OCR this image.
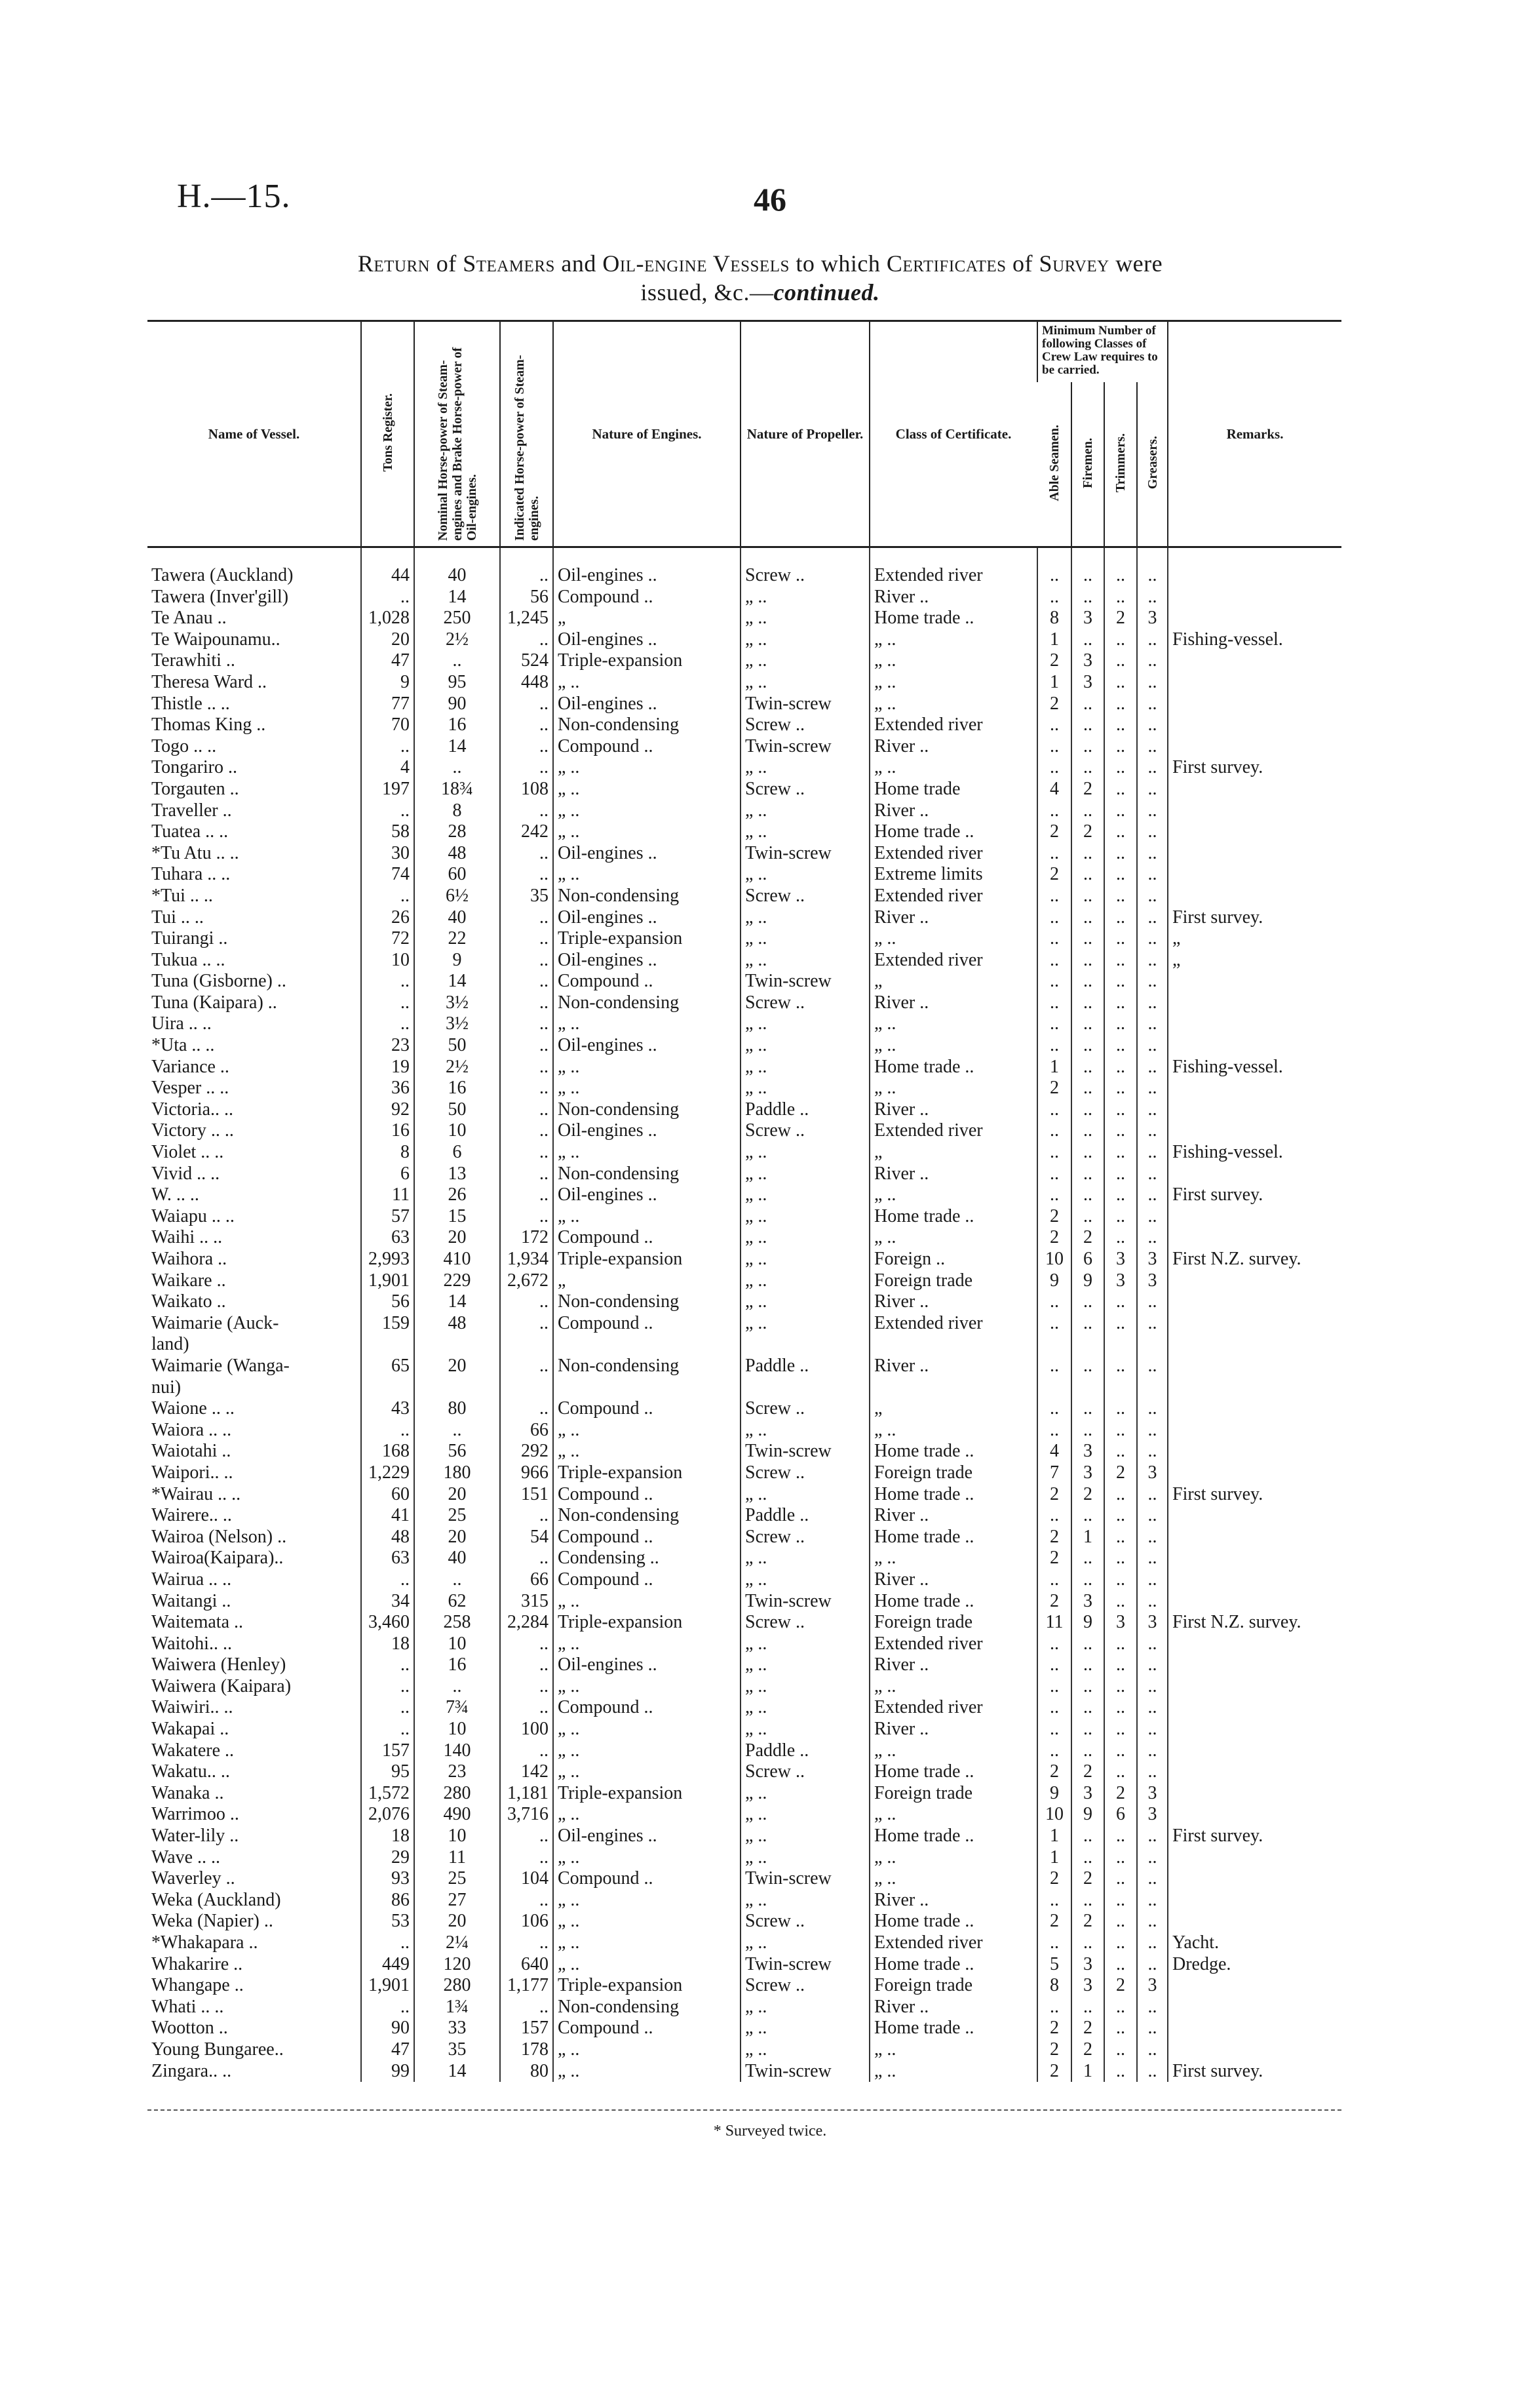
H.—15.	46
Return of Steamers and Oil-engine Vessels to which Certificates of Survey were
issued, &c.—continued.
Name of Vessel.	Tons Register.	Nominal Horse-power of Steam-engines and Brake Horse-power of Oil-engines.	Indicated Horse-power of Steam-engines.	Nature of Engines.	Nature of Propeller.	Class of Certificate.	Minimum Number of following Classes of Crew Law requires to be carried.				Remarks.
							Able Seamen.	Firemen.	Trimmers.	Greasers.	
Tawera (Auckland)	44	40	..	Oil-engines ..	Screw ..	Extended river	..	..	..	..	
Tawera (Inver'gill)	..	14	56	Compound ..	„ ..	River ..	..	..	..	..	
Te Anau ..	1,028	250	1,245	„	„ ..	Home trade ..	8	3	2	3	
Te Waipounamu..	20	2½	..	Oil-engines ..	„ ..	„ ..	1	..	..	..	Fishing-vessel.
Terawhiti ..	47	..	524	Triple-expansion	„ ..	„ ..	2	3	..	..	
Theresa Ward ..	9	95	448	„ ..	„ ..	„ ..	1	3	..	..	
Thistle .. ..	77	90	..	Oil-engines ..	Twin-screw	„ ..	2	..	..	..	
Thomas King ..	70	16	..	Non-condensing	Screw ..	Extended river	..	..	..	..	
Togo .. ..	..	14	..	Compound ..	Twin-screw	River ..	..	..	..	..	
Tongariro ..	4	..	..	„ ..	„ ..	„ ..	..	..	..	..	First survey.
Torgauten ..	197	18¾	108	„ ..	Screw ..	Home trade	4	2	..	..	
Traveller ..	..	8	..	„ ..	„ ..	River ..	..	..	..	..	
Tuatea .. ..	58	28	242	„ ..	„ ..	Home trade ..	2	2	..	..	
*Tu Atu .. ..	30	48	..	Oil-engines ..	Twin-screw	Extended river	..	..	..	..	
Tuhara .. ..	74	60	..	„ ..	„ ..	Extreme limits	2	..	..	..	
*Tui .. ..	..	6½	35	Non-condensing	Screw ..	Extended river	..	..	..	..	
Tui .. ..	26	40	..	Oil-engines ..	„ ..	River ..	..	..	..	..	First survey.
Tuirangi ..	72	22	..	Triple-expansion	„ ..	„ ..	..	..	..	..	„
Tukua .. ..	10	9	..	Oil-engines ..	„ ..	Extended river	..	..	..	..	„
Tuna (Gisborne) ..	..	14	..	Compound ..	Twin-screw	„	..	..	..	..	
Tuna (Kaipara) ..	..	3½	..	Non-condensing	Screw ..	River ..	..	..	..	..	
Uira .. ..	..	3½	..	„ ..	„ ..	„ ..	..	..	..	..	
*Uta .. ..	23	50	..	Oil-engines ..	„ ..	„ ..	..	..	..	..	
Variance ..	19	2½	..	„ ..	„ ..	Home trade ..	1	..	..	..	Fishing-vessel.
Vesper .. ..	36	16	..	„ ..	„ ..	„ ..	2	..	..	..	
Victoria.. ..	92	50	..	Non-condensing	Paddle ..	River ..	..	..	..	..	
Victory .. ..	16	10	..	Oil-engines ..	Screw ..	Extended river	..	..	..	..	
Violet .. ..	8	6	..	„ ..	„ ..	„	..	..	..	..	Fishing-vessel.
Vivid .. ..	6	13	..	Non-condensing	„ ..	River ..	..	..	..	..	
W. .. ..	11	26	..	Oil-engines ..	„ ..	„ ..	..	..	..	..	First survey.
Waiapu .. ..	57	15	..	„ ..	„ ..	Home trade ..	2	..	..	..	
Waihi .. ..	63	20	172	Compound ..	„ ..	„ ..	2	2	..	..	
Waihora ..	2,993	410	1,934	Triple-expansion	„ ..	Foreign ..	10	6	3	3	First N.Z. survey.
Waikare ..	1,901	229	2,672	„	„ ..	Foreign trade	9	9	3	3	
Waikato ..	56	14	..	Non-condensing	„ ..	River ..	..	..	..	..	
Waimarie (Auck-	159	48	..	Compound ..	„ ..	Extended river	..	..	..	..	
land)											
Waimarie (Wanga-	65	20	..	Non-condensing	Paddle ..	River ..	..	..	..	..	
nui)											
Waione .. ..	43	80	..	Compound ..	Screw ..	„	..	..	..	..	
Waiora .. ..	..	..	66	„ ..	„ ..	„ ..	..	..	..	..	
Waiotahi ..	168	56	292	„ ..	Twin-screw	Home trade ..	4	3	..	..	
Waipori.. ..	1,229	180	966	Triple-expansion	Screw ..	Foreign trade	7	3	2	3	
*Wairau .. ..	60	20	151	Compound ..	„ ..	Home trade ..	2	2	..	..	First survey.
Wairere.. ..	41	25	..	Non-condensing	Paddle ..	River ..	..	..	..	..	
Wairoa (Nelson) ..	48	20	54	Compound ..	Screw ..	Home trade ..	2	1	..	..	
Wairoa(Kaipara)..	63	40	..	Condensing ..	„ ..	„ ..	2	..	..	..	
Wairua .. ..	..	..	66	Compound ..	„ ..	River ..	..	..	..	..	
Waitangi ..	34	62	315	„ ..	Twin-screw	Home trade ..	2	3	..	..	
Waitemata ..	3,460	258	2,284	Triple-expansion	Screw ..	Foreign trade	11	9	3	3	First N.Z. survey.
Waitohi.. ..	18	10	..	„ ..	„ ..	Extended river	..	..	..	..	
Waiwera (Henley)	..	16	..	Oil-engines ..	„ ..	River ..	..	..	..	..	
Waiwera (Kaipara)	..	..	..	„ ..	„ ..	„ ..	..	..	..	..	
Waiwiri.. ..	..	7¾	..	Compound ..	„ ..	Extended river	..	..	..	..	
Wakapai ..	..	10	100	„ ..	„ ..	River ..	..	..	..	..	
Wakatere ..	157	140	..	„ ..	Paddle ..	„ ..	..	..	..	..	
Wakatu.. ..	95	23	142	„ ..	Screw ..	Home trade ..	2	2	..	..	
Wanaka ..	1,572	280	1,181	Triple-expansion	„ ..	Foreign trade	9	3	2	3	
Warrimoo ..	2,076	490	3,716	„ ..	„ ..	„ ..	10	9	6	3	
Water-lily ..	18	10	..	Oil-engines ..	„ ..	Home trade ..	1	..	..	..	First survey.
Wave .. ..	29	11	..	„ ..	„ ..	„ ..	1	..	..	..	
Waverley ..	93	25	104	Compound ..	Twin-screw	„ ..	2	2	..	..	
Weka (Auckland)	86	27	..	„ ..	„ ..	River ..	..	..	..	..	
Weka (Napier) ..	53	20	106	„ ..	Screw ..	Home trade ..	2	2	..	..	
*Whakapara ..	..	2¼	..	„ ..	„ ..	Extended river	..	..	..	..	Yacht.
Whakarire ..	449	120	640	„ ..	Twin-screw	Home trade ..	5	3	..	..	Dredge.
Whangape ..	1,901	280	1,177	Triple-expansion	Screw ..	Foreign trade	8	3	2	3	
Whati .. ..	..	1¾	..	Non-condensing	„ ..	River ..	..	..	..	..	
Wootton ..	90	33	157	Compound ..	„ ..	Home trade ..	2	2	..	..	
Young Bungaree..	47	35	178	„ ..	„ ..	„ ..	2	2	..	..	
Zingara.. ..	99	14	80	„ ..	Twin-screw	„ ..	2	1	..	..	First survey.
* Surveyed twice.
